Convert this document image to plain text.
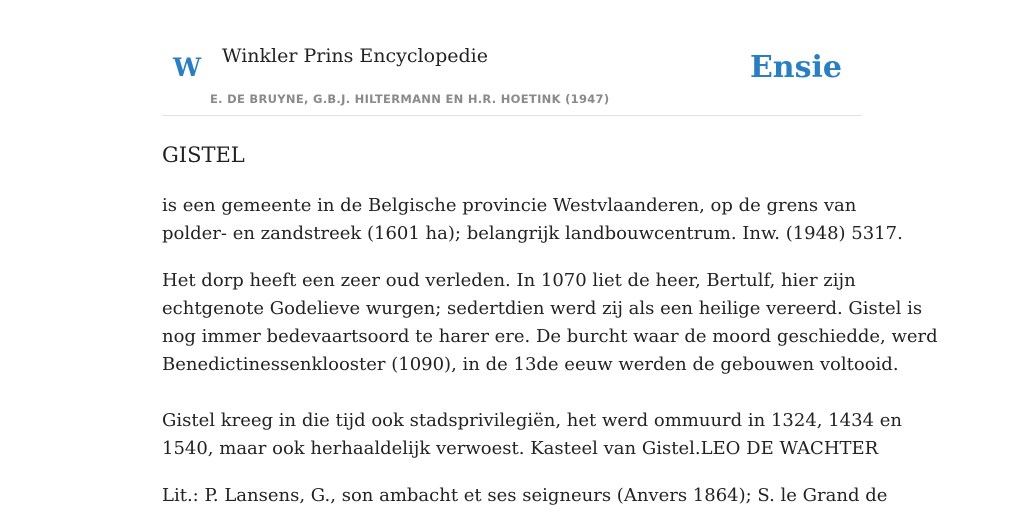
W Winkler Prins Encyclopedie
E. DE BRUYNE, G.B.J. HILTERMANN EN H.R. HOETINK (1947)
Ensie
GISTEL

is een gemeente in de Belgische provincie Westvlaanderen, op de grens van
polder- en zandstreek (1601 ha); belangrijk landbouwcentrum. Inw. (1948) 5317.

Het dorp heeft een zeer oud verleden. In 1070 liet de heer, Bertulf, hier zijn
echtgenote Godelieve wurgen; sedertdien werd zij als een heilige vereerd. Gistel is
nog immer bedevaartsoord te harer ere. De burcht waar de moord geschiedde, werd
Benedictinessenklooster (1090), in de 13de eeuw werden de gebouwen voltooid.

Gistel kreeg in die tijd ook stadsprivilegiën, het werd ommuurd in 1324, 1434 en
1540, maar ook herhaaldelijk verwoest. Kasteel van Gistel.LEO DE WACHTER

Lit.: P. Lansens, G., son ambacht et ses seigneurs (Anvers 1864); S. le Grand de
